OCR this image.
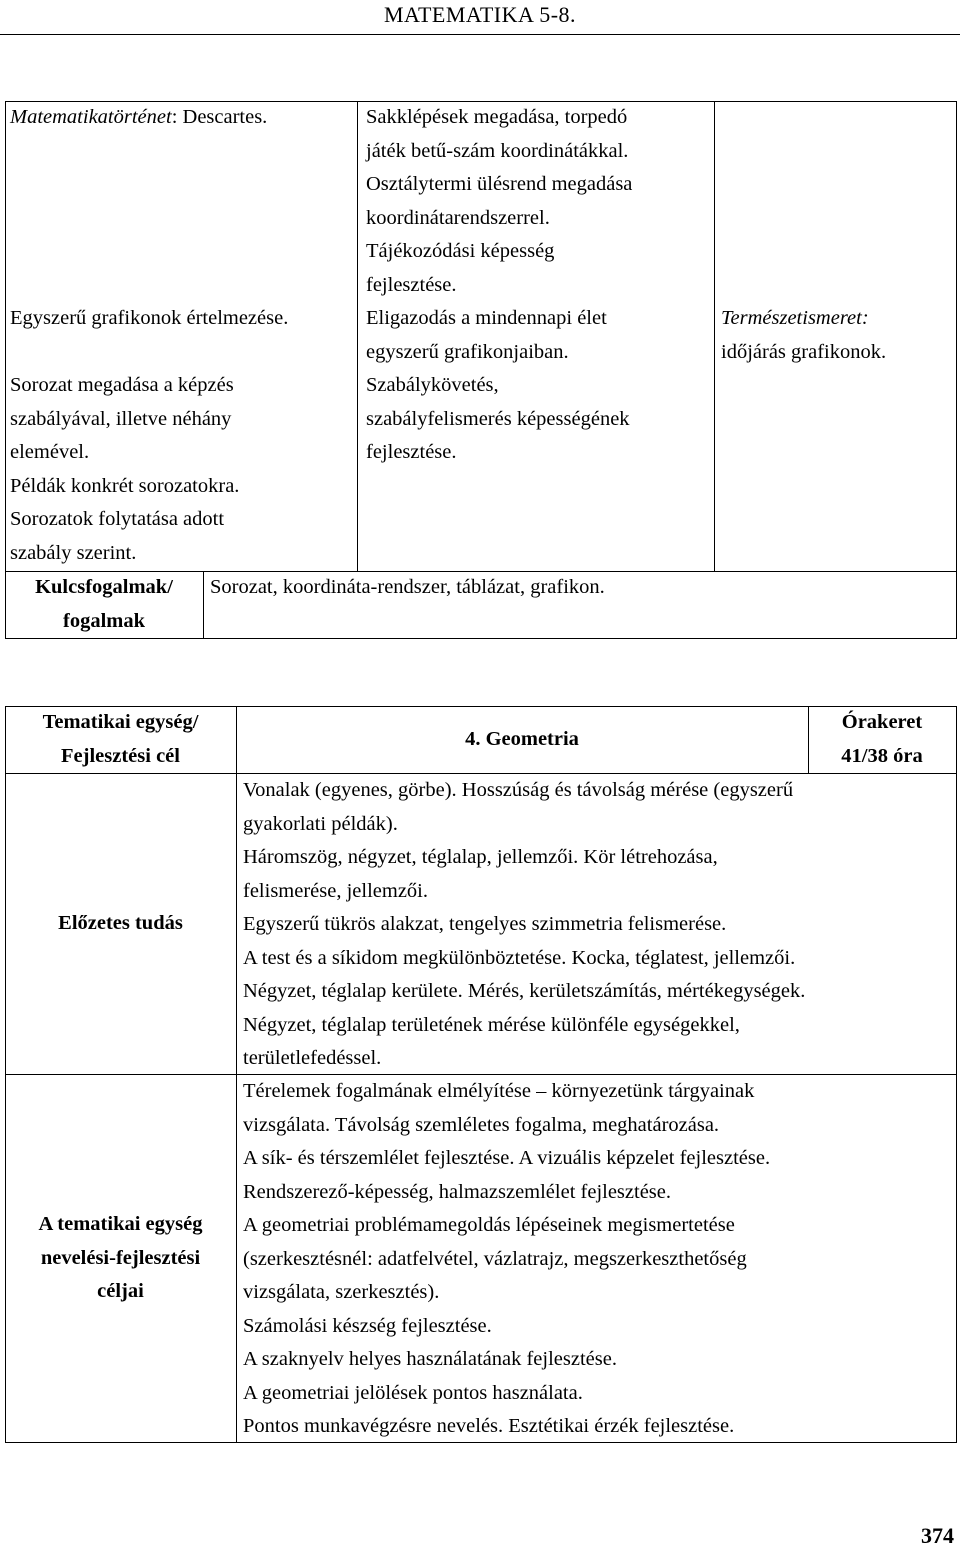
MATEMATIKA 5-8.
Matematikatörténet: Descartes.	Sakklépések megadása, torpedó
játék betű-szám koordinátákkal.
Osztálytermi ülésrend megadása
koordinátarendszerrel.
Tájékozódási képesség
fejlesztése.
Egyszerű grafikonok értelmezése.	Eligazodás a mindennapi élet
egyszerű grafikonjaiban.
Természetismeret:
időjárás grafikonok.
Sorozat megadása a képzés
szabályával, illetve néhány
elemével.
Példák konkrét sorozatokra.
Sorozatok folytatása adott
szabály szerint.
Szabálykövetés,
szabályfelismerés képességének
fejlesztése.
Kulcsfogalmak/
fogalmak
Sorozat, koordináta-rendszer, táblázat, grafikon.
Tematikai egység/
Fejlesztési cél
4. Geometria
Órakeret
41/38 óra
Előzetes tudás
Vonalak (egyenes, görbe). Hosszúság és távolság mérése (egyszerű
gyakorlati példák).
Háromszög, négyzet, téglalap, jellemzői. Kör létrehozása,
felismerése, jellemzői.
Egyszerű tükrös alakzat, tengelyes szimmetria felismerése.
A test és a síkidom megkülönböztetése. Kocka, téglatest, jellemzői.
Négyzet, téglalap kerülete. Mérés, kerületszámítás, mértékegységek.
Négyzet, téglalap területének mérése különféle egységekkel,
területlefedéssel.
A tematikai egység
nevelési-fejlesztési
céljai
Térelemek fogalmának elmélyítése – környezetünk tárgyainak
vizsgálata. Távolság szemléletes fogalma, meghatározása.
A sík- és térszemlélet fejlesztése. A vizuális képzelet fejlesztése.
Rendszerező-képesség, halmazszemlélet fejlesztése.
A geometriai problémamegoldás lépéseinek megismertetése
(szerkesztésnél: adatfelvétel, vázlatrajz, megszerkeszthetőség
vizsgálata, szerkesztés).
Számolási készség fejlesztése.
A szaknyelv helyes használatának fejlesztése.
A geometriai jelölések pontos használata.
Pontos munkavégzésre nevelés. Esztétikai érzék fejlesztése.
374
